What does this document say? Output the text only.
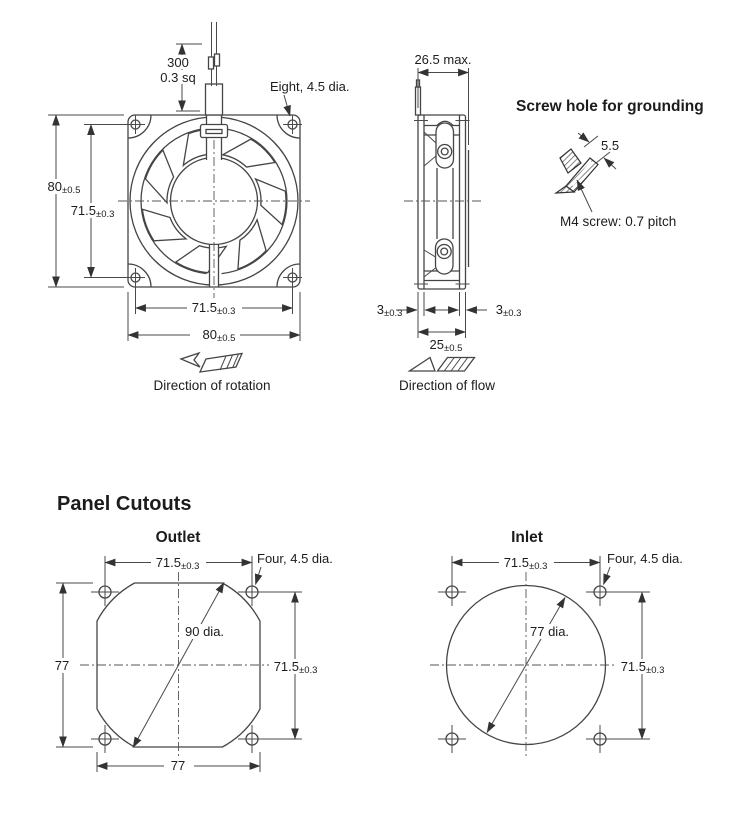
300
0.3 sq
Eight, 4.5 dia.
80 ±0.5
71.5 ±0.3
71.5 ±0.3
80 ±0.5
Direction of rotation
26.5 max.
3 ±0.3	3 ±0.3
25 ±0.5
Direction of flow
Screw hole for grounding
5.5
M4 screw: 0.7 pitch
Panel Cutouts
Outlet
71.5 ±0.3
Four, 4.5 dia.
90 dia.
77	71.5 ±0.3
77
Inlet
71.5 ±0.3
Four, 4.5 dia.
77 dia.
71.5 ±0.3
